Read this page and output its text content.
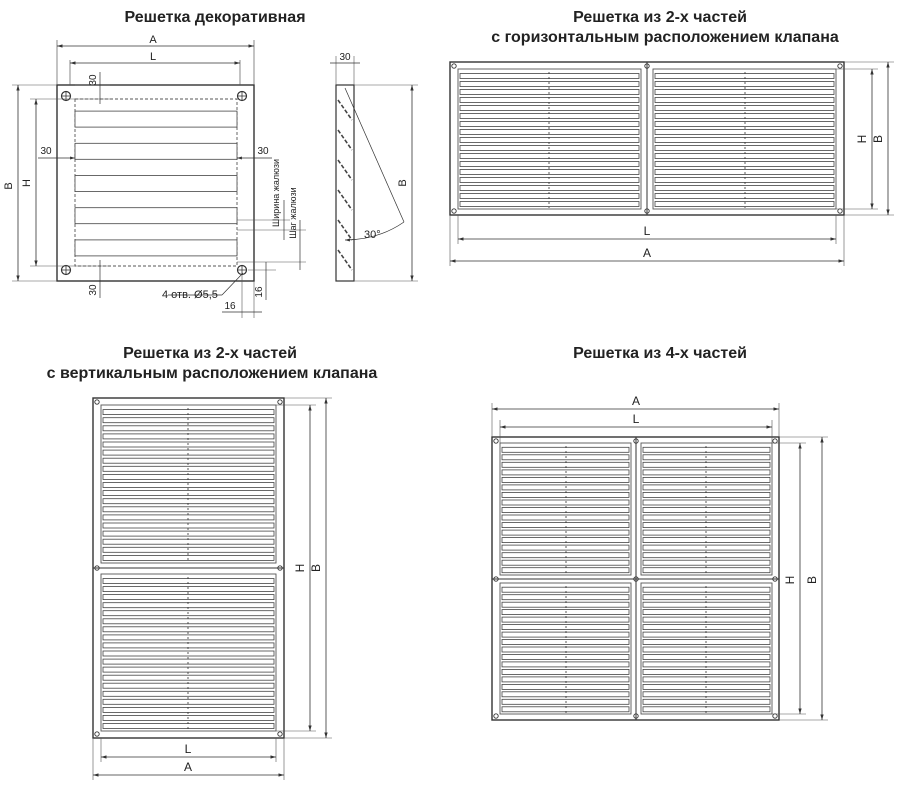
Решетка декоративная	Решетка из 2-х частей
с горизонтальным расположением клапана
Решетка из 2-х частей
с вертикальным расположением клапана
Решетка из 4-х частей
A
L
30
30
30	30
B H	Ширина жалюзи Шаг жалюзи
4 отв. Ø5,5	16
16
30
B
30°	L
A
H B
L
A
H B
A
L
H B
